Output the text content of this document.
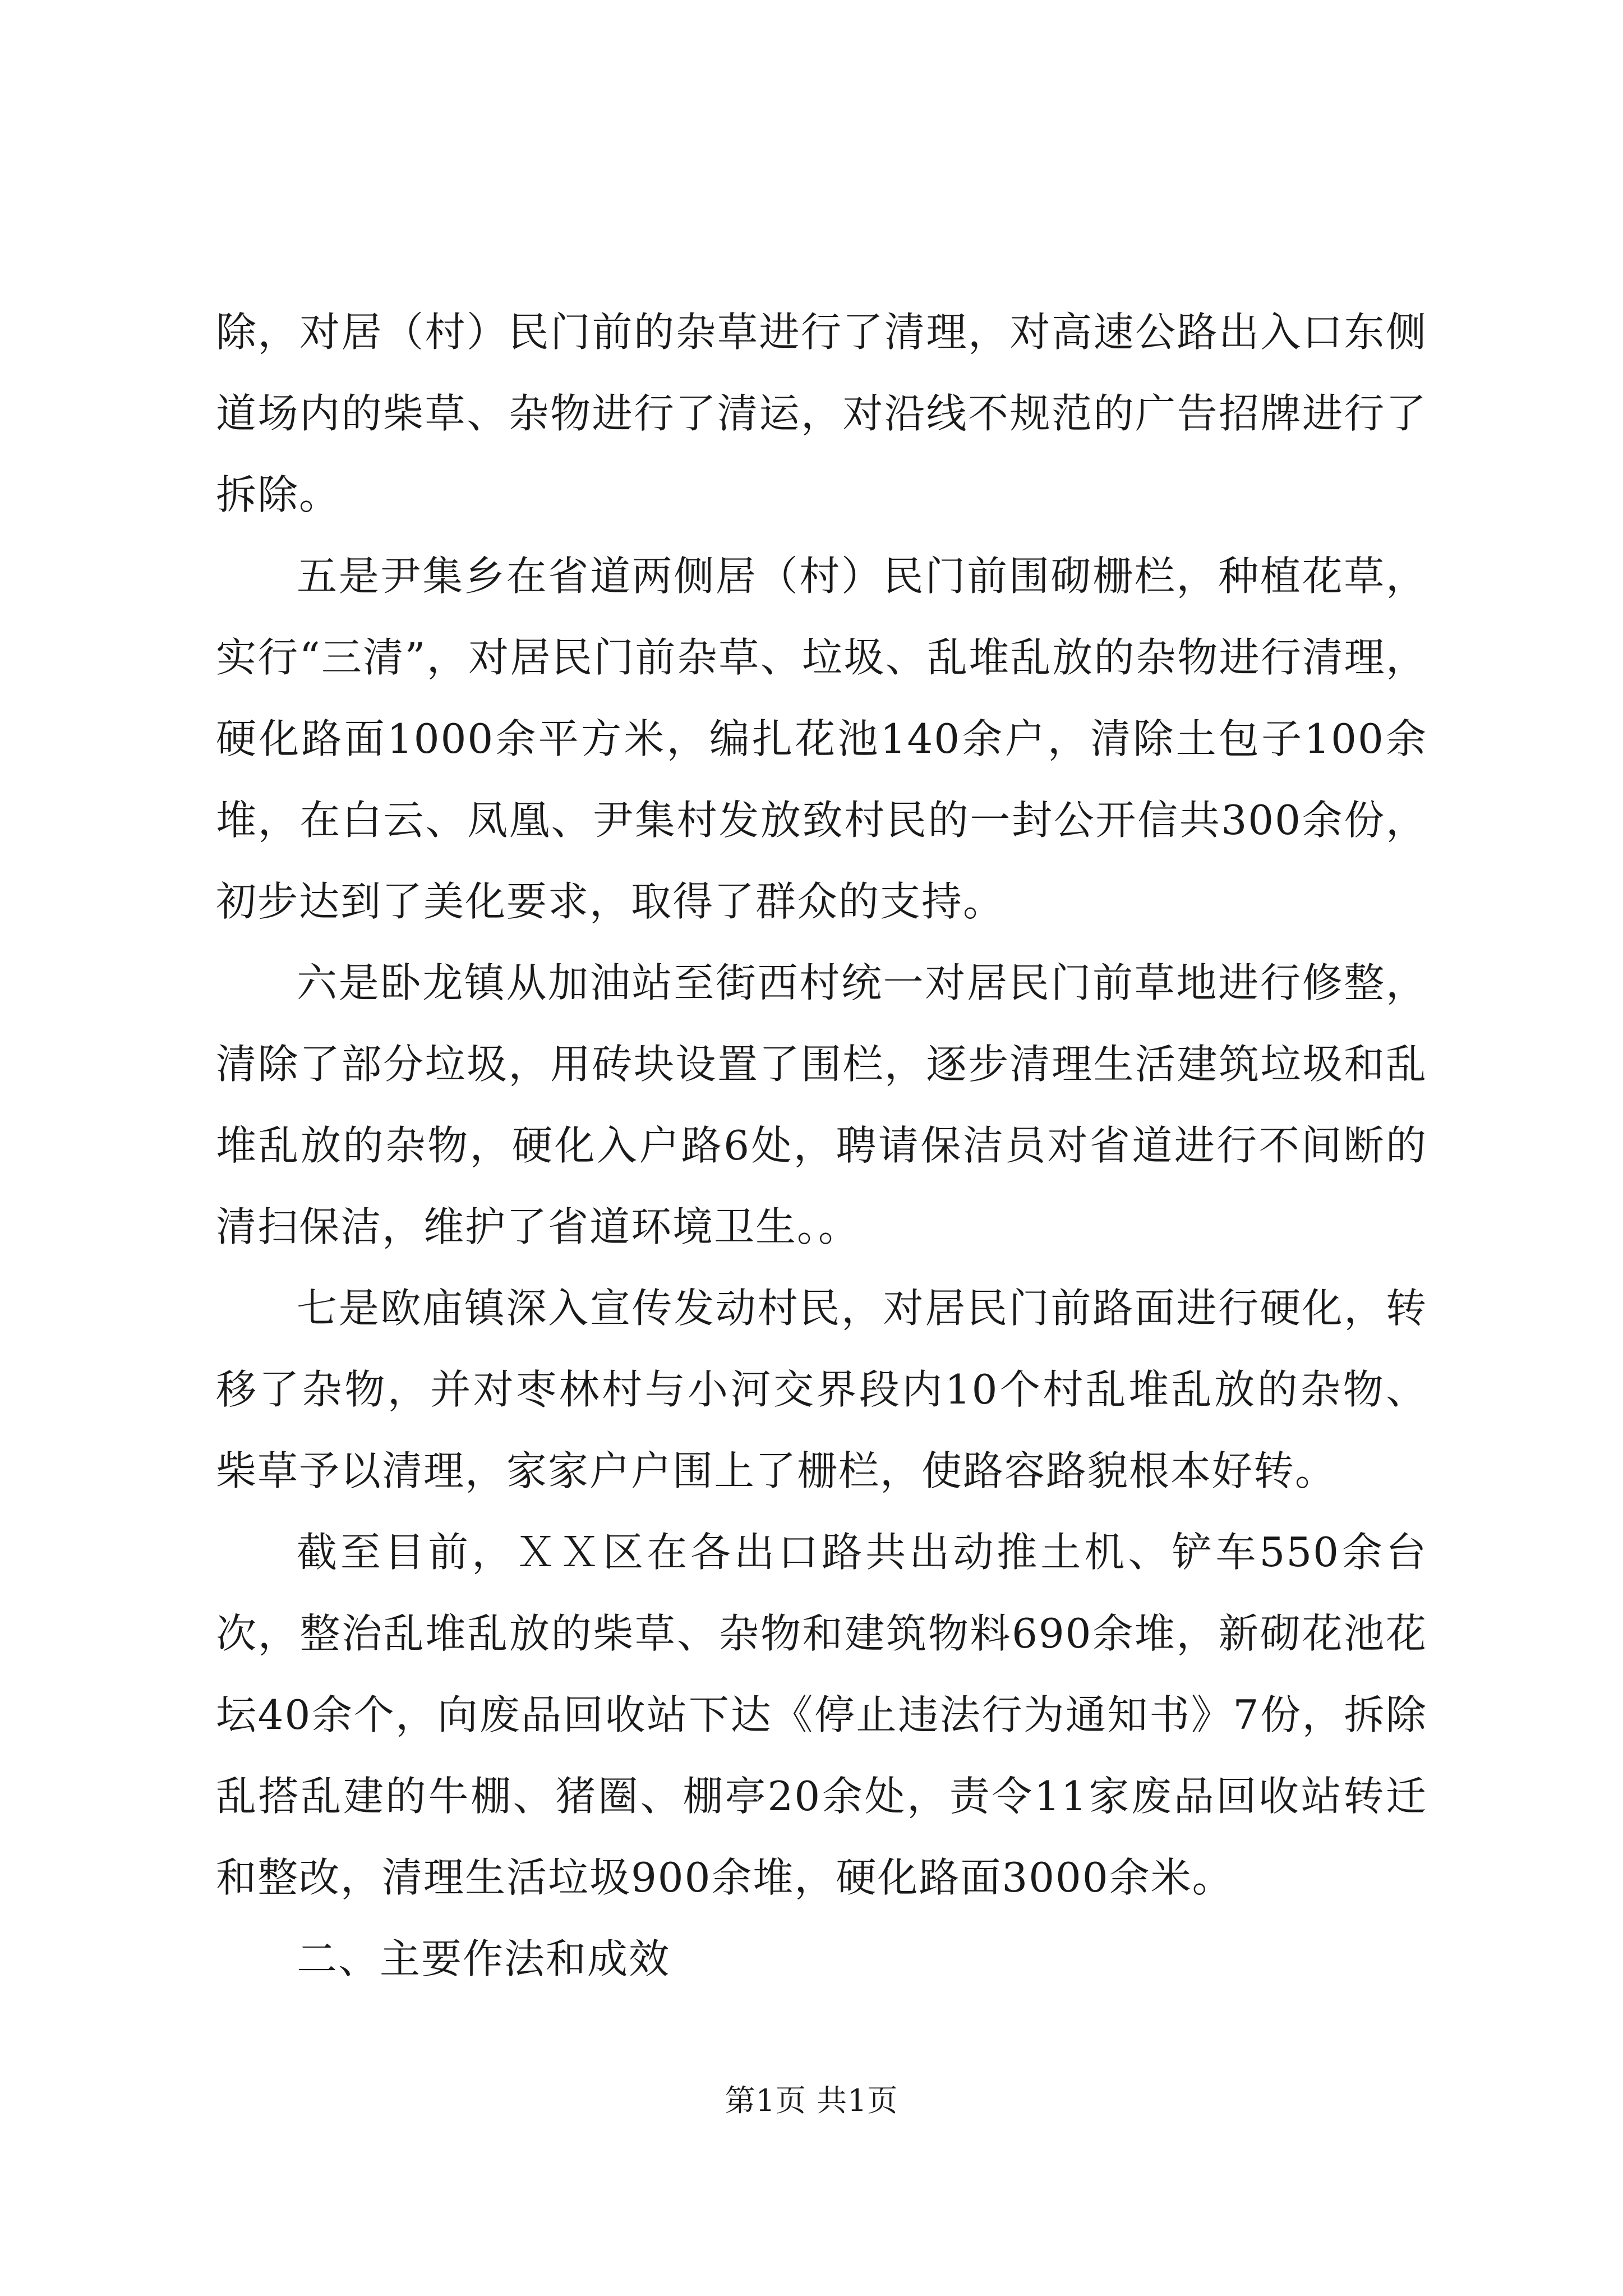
除，对居（村）民门前的杂草进行了清理，对高速公路出入口东侧道场内的柴草、杂物进行了清运，对沿线不规范的广告招牌进行了拆除。

五是尹集乡在省道两侧居（村）民门前围砌栅栏，种植花草，实行“三清”，对居民门前杂草、垃圾、乱堆乱放的杂物进行清理，硬化路面1000余平方米，编扎花池140余户，清除土包子100余堆，在白云、凤凰、尹集村发放致村民的一封公开信共300余份，初步达到了美化要求，取得了群众的支持。

六是卧龙镇从加油站至街西村统一对居民门前草地进行修整，清除了部分垃圾，用砖块设置了围栏，逐步清理生活建筑垃圾和乱堆乱放的杂物，硬化入户路6处，聘请保洁员对省道进行不间断的清扫保洁，维护了省道环境卫生。。

七是欧庙镇深入宣传发动村民，对居民门前路面进行硬化，转移了杂物，并对枣林村与小河交界段内10个村乱堆乱放的杂物、柴草予以清理，家家户户围上了栅栏，使路容路貌根本好转。

截至目前，ＸＸ区在各出口路共出动推土机、铲车550余台次，整治乱堆乱放的柴草、杂物和建筑物料690余堆，新砌花池花坛40余个，向废品回收站下达《停止违法行为通知书》7份，拆除乱搭乱建的牛棚、猪圈、棚亭20余处，责令11家废品回收站转迁和整改，清理生活垃圾900余堆，硬化路面3000余米。

二、主要作法和成效

第1页 共1页
